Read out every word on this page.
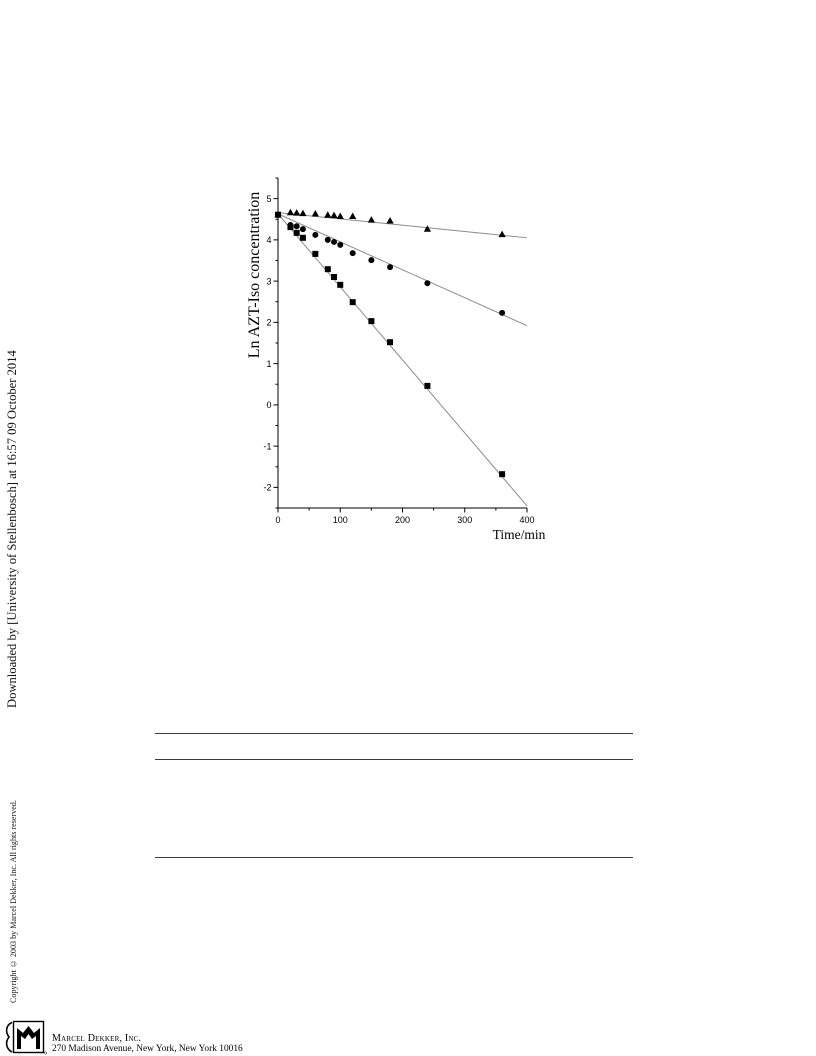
Downloaded by [University of Stellenbosch] at 16:57 09 October 2014
Copyright © 2003 by Marcel Dekker, Inc. All rights reserved.
-2
-1
0
1
2
3
4
5
0	100	200	300	400
Ln AZT-Iso concentration
Time/min
Marcel Dekker, Inc.
270 Madison Avenue, New York, New York 10016
